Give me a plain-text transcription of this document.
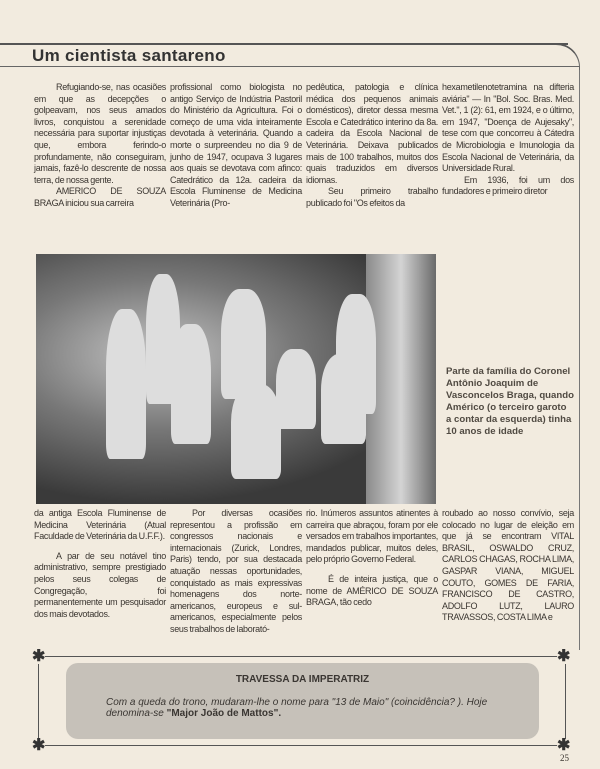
Um cientista santareno

Refugiando-se, nas ocasiões em que as decepções o golpeavam, nos seus amados livros, conquistou a serenidade necessária para suportar injustiças que, embora ferindo-o profundamente, não conseguiram, jamais, fazê-lo descrente de nossa terra, de nossa gente.

AMERICO DE SOUZA BRAGA iniciou sua carreira

profissional como biologista no antigo Serviço de Indústria Pastoril do Ministério da Agricultura. Foi o começo de uma vida inteiramente devotada à veterinária. Quando a morte o surpreendeu no dia 9 de junho de 1947, ocupava 3 lugares aos quais se devotava com afinco: Catedrático da 12a. cadeira da Escola Fluminense de Medicina Veterinária (Pro-

pedêutica, patologia e clínica médica dos pequenos animais domésticos), diretor dessa mesma Escola e Catedrático interino da 8a. cadeira da Escola Nacional de Veterinária. Deixava publicados mais de 100 trabalhos, muitos dos quais traduzidos em diversos idiomas.

Seu primeiro trabalho publicado foi "Os efeitos da

hexametilenotetramina na difteria aviária" — In "Bol. Soc. Bras. Med. Vet.", 1 (2): 61, em 1924, e o último, em 1947, "Doença de Aujesaky", tese com que concorreu à Cátedra de Microbiologia e Imunologia da Escola Nacional de Veterinária, da Universidade Rural.

Em 1936, foi um dos fundadores e primeiro diretor

Parte da família do Coronel Antônio Joaquim de Vasconcelos Braga, quando Américo (o terceiro garoto a contar da esquerda) tinha 10 anos de idade

da antiga Escola Fluminense de Medicina Veterinária (Atual Faculdade de Veterinária da U.F.F.).

A par de seu notável tino administrativo, sempre prestigiado pelos seus colegas de Congregação, foi permanentemente um pesquisador dos mais devotados.

Por diversas ocasiões representou a profissão em congressos nacionais e internacionais (Zurick, Londres, Paris) tendo, por sua destacada atuação nessas oportunidades, conquistado as mais expressivas homenagens dos norte-americanos, europeus e sul-americanos, especialmente pelos seus trabalhos de laborató-

rio. Inúmeros assuntos atinentes à carreira que abraçou, foram por ele versados em trabalhos importantes, mandados publicar, muitos deles, pelo próprio Governo Federal.

É de inteira justiça, que o nome de AMÉRICO DE SOUZA BRAGA, tão cedo

roubado ao nosso convívio, seja colocado no lugar de eleição em que já se encontram VITAL BRASIL, OSWALDO CRUZ, CARLOS CHAGAS, ROCHA LIMA, GASPAR VIANA, MIGUEL COUTO, GOMES DE FARIA, FRANCISCO DE CASTRO, ADOLFO LUTZ, LAURO TRAVASSOS, COSTA LIMA e

✱	✱
✱	✱
TRAVESSA DA IMPERATRIZ
Com a queda do trono, mudaram-lhe o nome para "13 de Maio" (coincidência? ). Hoje denomina-se "Major João de Mattos".
25
